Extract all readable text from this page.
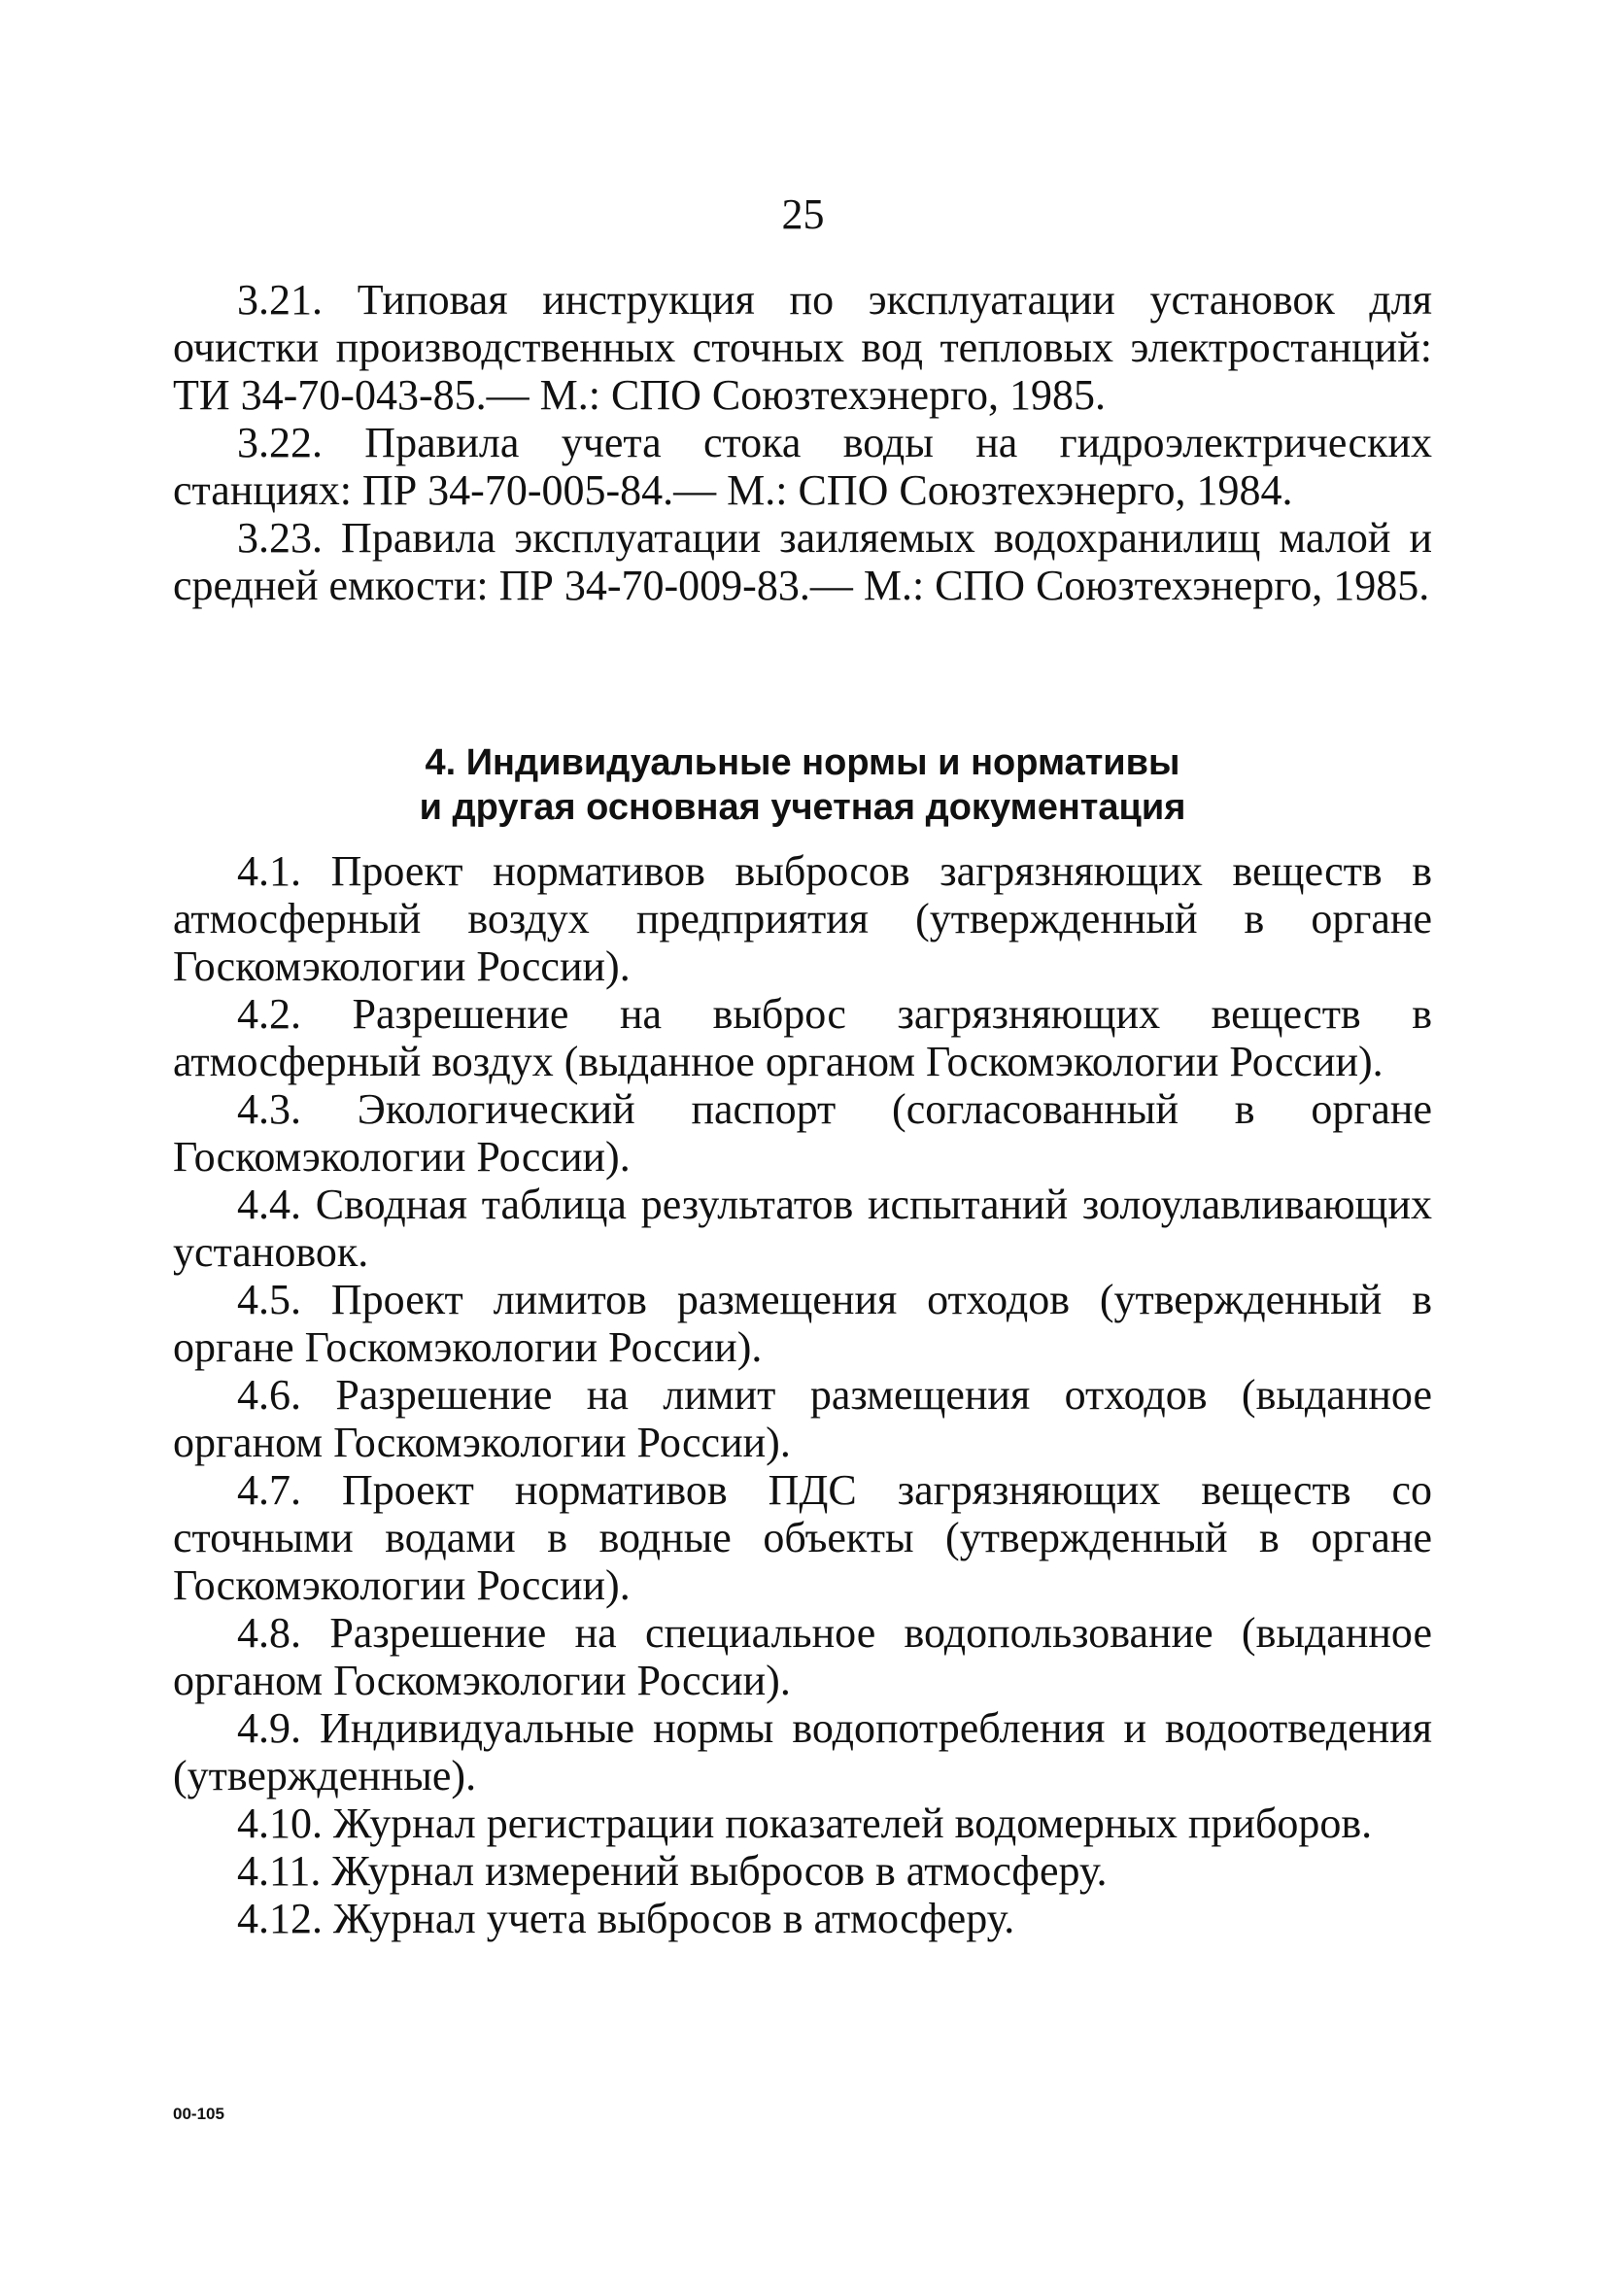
25

3.21. Типовая инструкция по эксплуатации установок для очистки производственных сточных вод тепловых электростанций: ТИ 34-70-043-85.— М.: СПО Союзтехэнерго, 1985.

3.22. Правила учета стока воды на гидроэлектрических станциях: ПР 34-70-005-84.— М.: СПО Союзтехэнерго, 1984.

3.23. Правила эксплуатации заиляемых водохранилищ малой и средней емкости: ПР 34-70-009-83.— М.: СПО Союзтехэнерго, 1985.

4. Индивидуальные нормы и нормативы
и другая основная учетная документация

4.1. Проект нормативов выбросов загрязняющих веществ в атмосферный воздух предприятия (утвержденный в органе Госкомэкологии России).

4.2. Разрешение на выброс загрязняющих веществ в атмосферный воздух (выданное органом Госкомэкологии России).

4.3. Экологический паспорт (согласованный в органе Госкомэкологии России).

4.4. Сводная таблица результатов испытаний золоулавливающих установок.

4.5. Проект лимитов размещения отходов (утвержденный в органе Госкомэкологии России).

4.6. Разрешение на лимит размещения отходов (выданное органом Госкомэкологии России).

4.7. Проект нормативов ПДС загрязняющих веществ со сточными водами в водные объекты (утвержденный в органе Госкомэкологии России).

4.8. Разрешение на специальное водопользование (выданное органом Госкомэкологии России).

4.9. Индивидуальные нормы водопотребления и водоотведения (утвержденные).

4.10. Журнал регистрации показателей водомерных приборов.

4.11. Журнал измерений выбросов в атмосферу.

4.12. Журнал учета выбросов в атмосферу.

00-105
